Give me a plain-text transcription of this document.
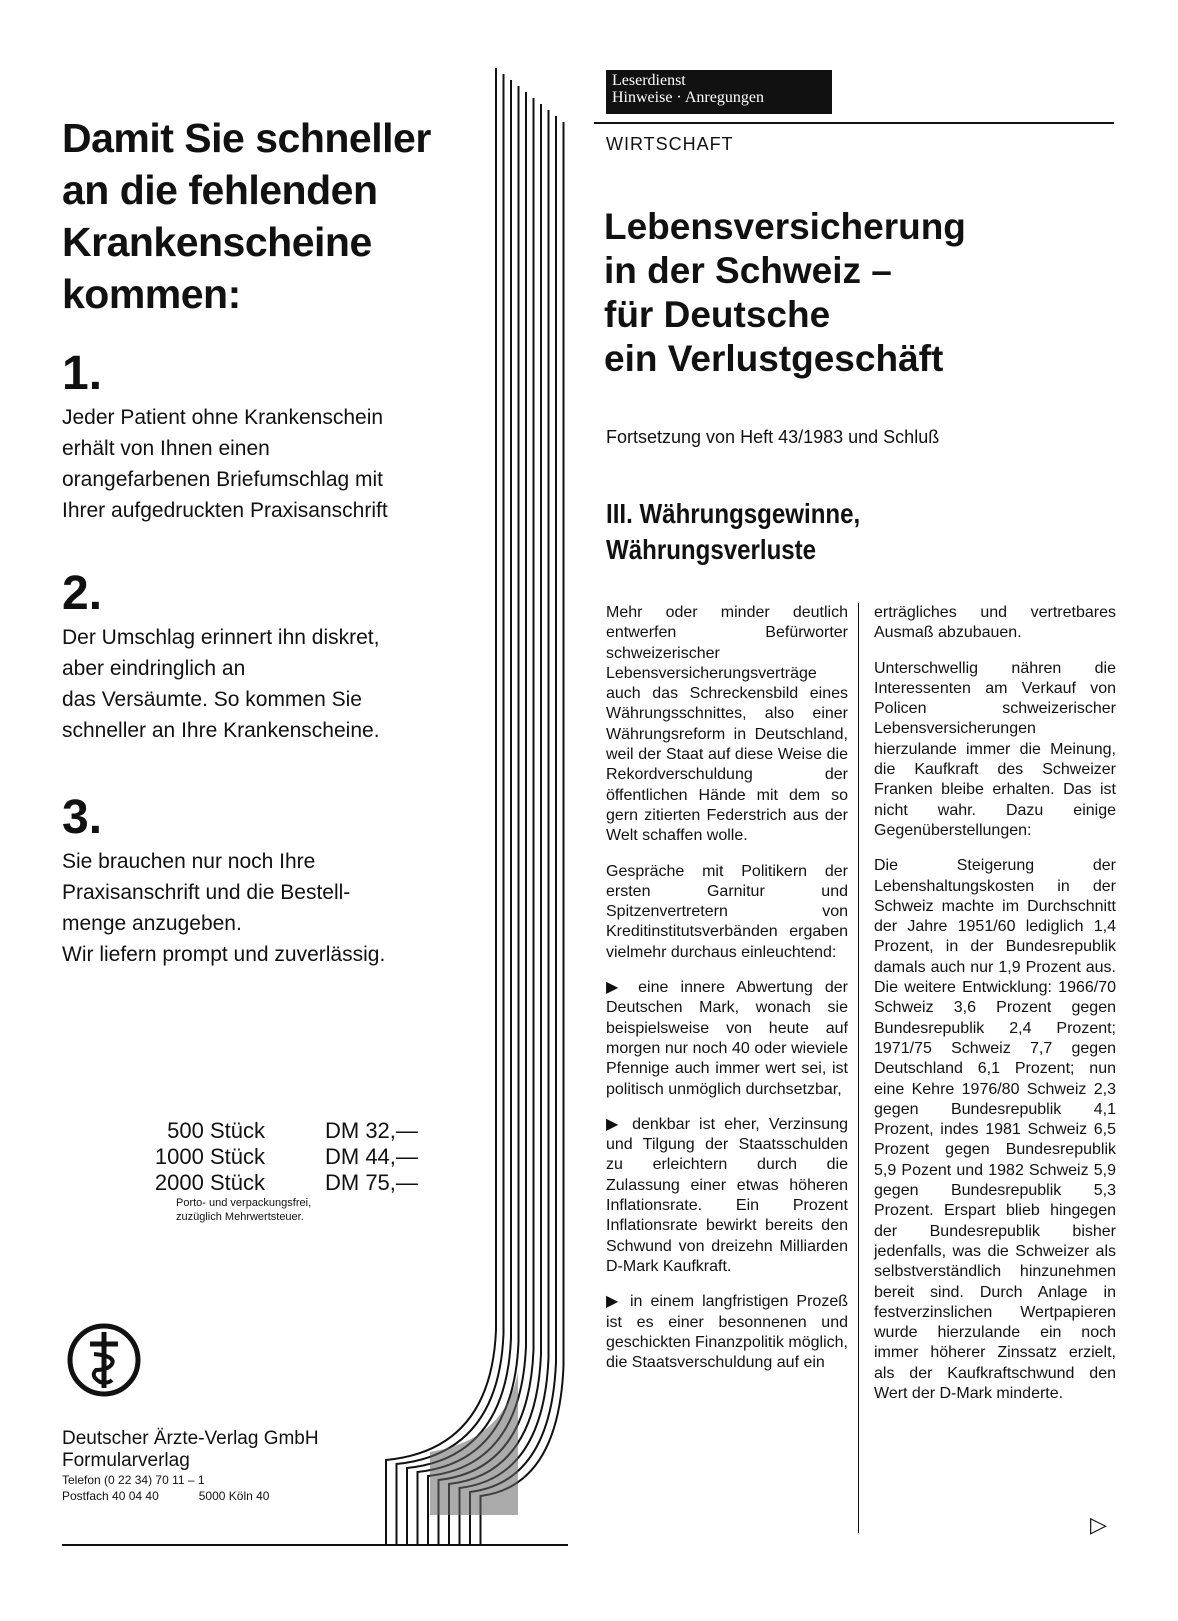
Damit Sie schneller
an die fehlenden
Krankenscheine
kommen:

1.

Jeder Patient ohne Krankenschein
erhält von Ihnen einen
orangefarbenen Briefumschlag mit
Ihrer aufgedruckten Praxisanschrift

2.

Der Umschlag erinnert ihn diskret,
aber eindringlich an
das Versäumte. So kommen Sie
schneller an Ihre Krankenscheine.

3.

Sie brauchen nur noch Ihre
Praxisanschrift und die Bestell-
menge anzugeben.
Wir liefern prompt und zuverlässig.

500 Stück	DM 32,—
1000 Stück	DM 44,—
2000 Stück	DM 75,—
Porto- und verpackungsfrei,
zuzüglich Mehrwertsteuer.

Deutscher Ärzte-Verlag GmbH

Formularverlag

Telefon (0 22 34) 70 11 – 1

Postfach 40 04 40	5000 Köln 40

Leserdienst
Hinweise · Anregungen
WIRTSCHAFT
Lebensversicherung
in der Schweiz –
für Deutsche
ein Verlustgeschäft

Fortsetzung von Heft 43/1983 und Schluß

III. Währungsgewinne,
Währungsverluste

Mehr oder minder deutlich entwerfen Befürworter schweizerischer Lebensversicherungsverträge auch das Schreckensbild eines Währungsschnittes, also einer Währungsreform in Deutschland, weil der Staat auf diese Weise die Rekordverschuldung der öffentlichen Hände mit dem so gern zitierten Federstrich aus der Welt schaffen wolle.

Gespräche mit Politikern der ersten Garnitur und Spitzenvertretern von Kreditinstitutsverbänden ergaben vielmehr durchaus einleuchtend:

▶ eine innere Abwertung der Deutschen Mark, wonach sie beispielsweise von heute auf morgen nur noch 40 oder wieviele Pfennige auch immer wert sei, ist politisch unmöglich durchsetzbar,

▶ denkbar ist eher, Verzinsung und Tilgung der Staatsschulden zu erleichtern durch die Zulassung einer etwas höheren Inflationsrate. Ein Prozent Inflationsrate bewirkt bereits den Schwund von dreizehn Milliarden D-Mark Kaufkraft.

▶ in einem langfristigen Prozeß ist es einer besonnenen und geschickten Finanzpolitik möglich, die Staatsverschuldung auf ein

erträgliches und vertretbares Ausmaß abzubauen.

Unterschwellig nähren die Interessenten am Verkauf von Policen schweizerischer Lebensversicherungen hierzulande immer die Meinung, die Kaufkraft des Schweizer Franken bleibe erhalten. Das ist nicht wahr. Dazu einige Gegenüberstellungen:

Die Steigerung der Lebenshaltungskosten in der Schweiz machte im Durchschnitt der Jahre 1951/60 lediglich 1,4 Prozent, in der Bundesrepublik damals auch nur 1,9 Prozent aus. Die weitere Entwicklung: 1966/70 Schweiz 3,6 Prozent gegen Bundesrepublik 2,4 Prozent; 1971/75 Schweiz 7,7 gegen Deutschland 6,1 Prozent; nun eine Kehre 1976/80 Schweiz 2,3 gegen Bundesrepublik 4,1 Prozent, indes 1981 Schweiz 6,5 Prozent gegen Bundesrepublik 5,9 Pozent und 1982 Schweiz 5,9 gegen Bundesrepublik 5,3 Prozent. Erspart blieb hingegen der Bundesrepublik bisher jedenfalls, was die Schweizer als selbstverständlich hinzunehmen bereit sind. Durch Anlage in festverzinslichen Wertpapieren wurde hierzulande ein noch immer höherer Zinssatz erzielt, als der Kaufkraftschwund den Wert der D-Mark minderte.

▷
